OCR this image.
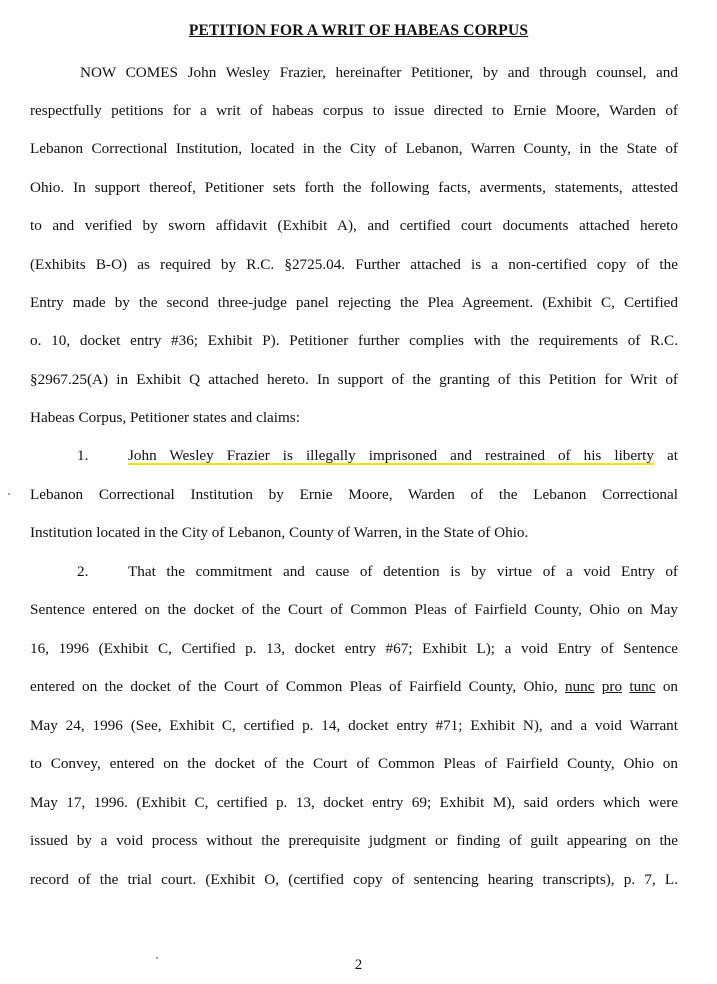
PETITION FOR A WRIT OF HABEAS CORPUS
NOW COMES John Wesley Frazier, hereinafter Petitioner, by and through counsel, and
respectfully petitions for a writ of habeas corpus to issue directed to Ernie Moore, Warden of
Lebanon Correctional Institution, located in the City of Lebanon, Warren County, in the State of
Ohio. In support thereof, Petitioner sets forth the following facts, averments, statements, attested
to and verified by sworn affidavit (Exhibit A), and certified court documents attached hereto
(Exhibits B-O) as required by R.C. §2725.04. Further attached is a non-certified copy of the
Entry made by the second three-judge panel rejecting the Plea Agreement. (Exhibit C, Certified
o. 10, docket entry #36; Exhibit P). Petitioner further complies with the requirements of R.C.
§2967.25(A) in Exhibit Q attached hereto. In support of the granting of this Petition for Writ of
Habeas Corpus, Petitioner states and claims:
1.	John Wesley Frazier is illegally imprisoned and restrained of his liberty at
Lebanon Correctional Institution by Ernie Moore, Warden of the Lebanon Correctional
Institution located in the City of Lebanon, County of Warren, in the State of Ohio.
2.	That the commitment and cause of detention is by virtue of a void Entry of
Sentence entered on the docket of the Court of Common Pleas of Fairfield County, Ohio on May
16, 1996 (Exhibit C, Certified p. 13, docket entry #67; Exhibit L); a void Entry of Sentence
entered on the docket of the Court of Common Pleas of Fairfield County, Ohio, nunc pro tunc on
May 24, 1996 (See, Exhibit C, certified p. 14, docket entry #71; Exhibit N), and a void Warrant
to Convey, entered on the docket of the Court of Common Pleas of Fairfield County, Ohio on
May 17, 1996. (Exhibit C, certified p. 13, docket entry 69; Exhibit M), said orders which were
issued by a void process without the prerequisite judgment or finding of guilt appearing on the
record of the trial court. (Exhibit O, (certified copy of sentencing hearing transcripts), p. 7, L.
2
